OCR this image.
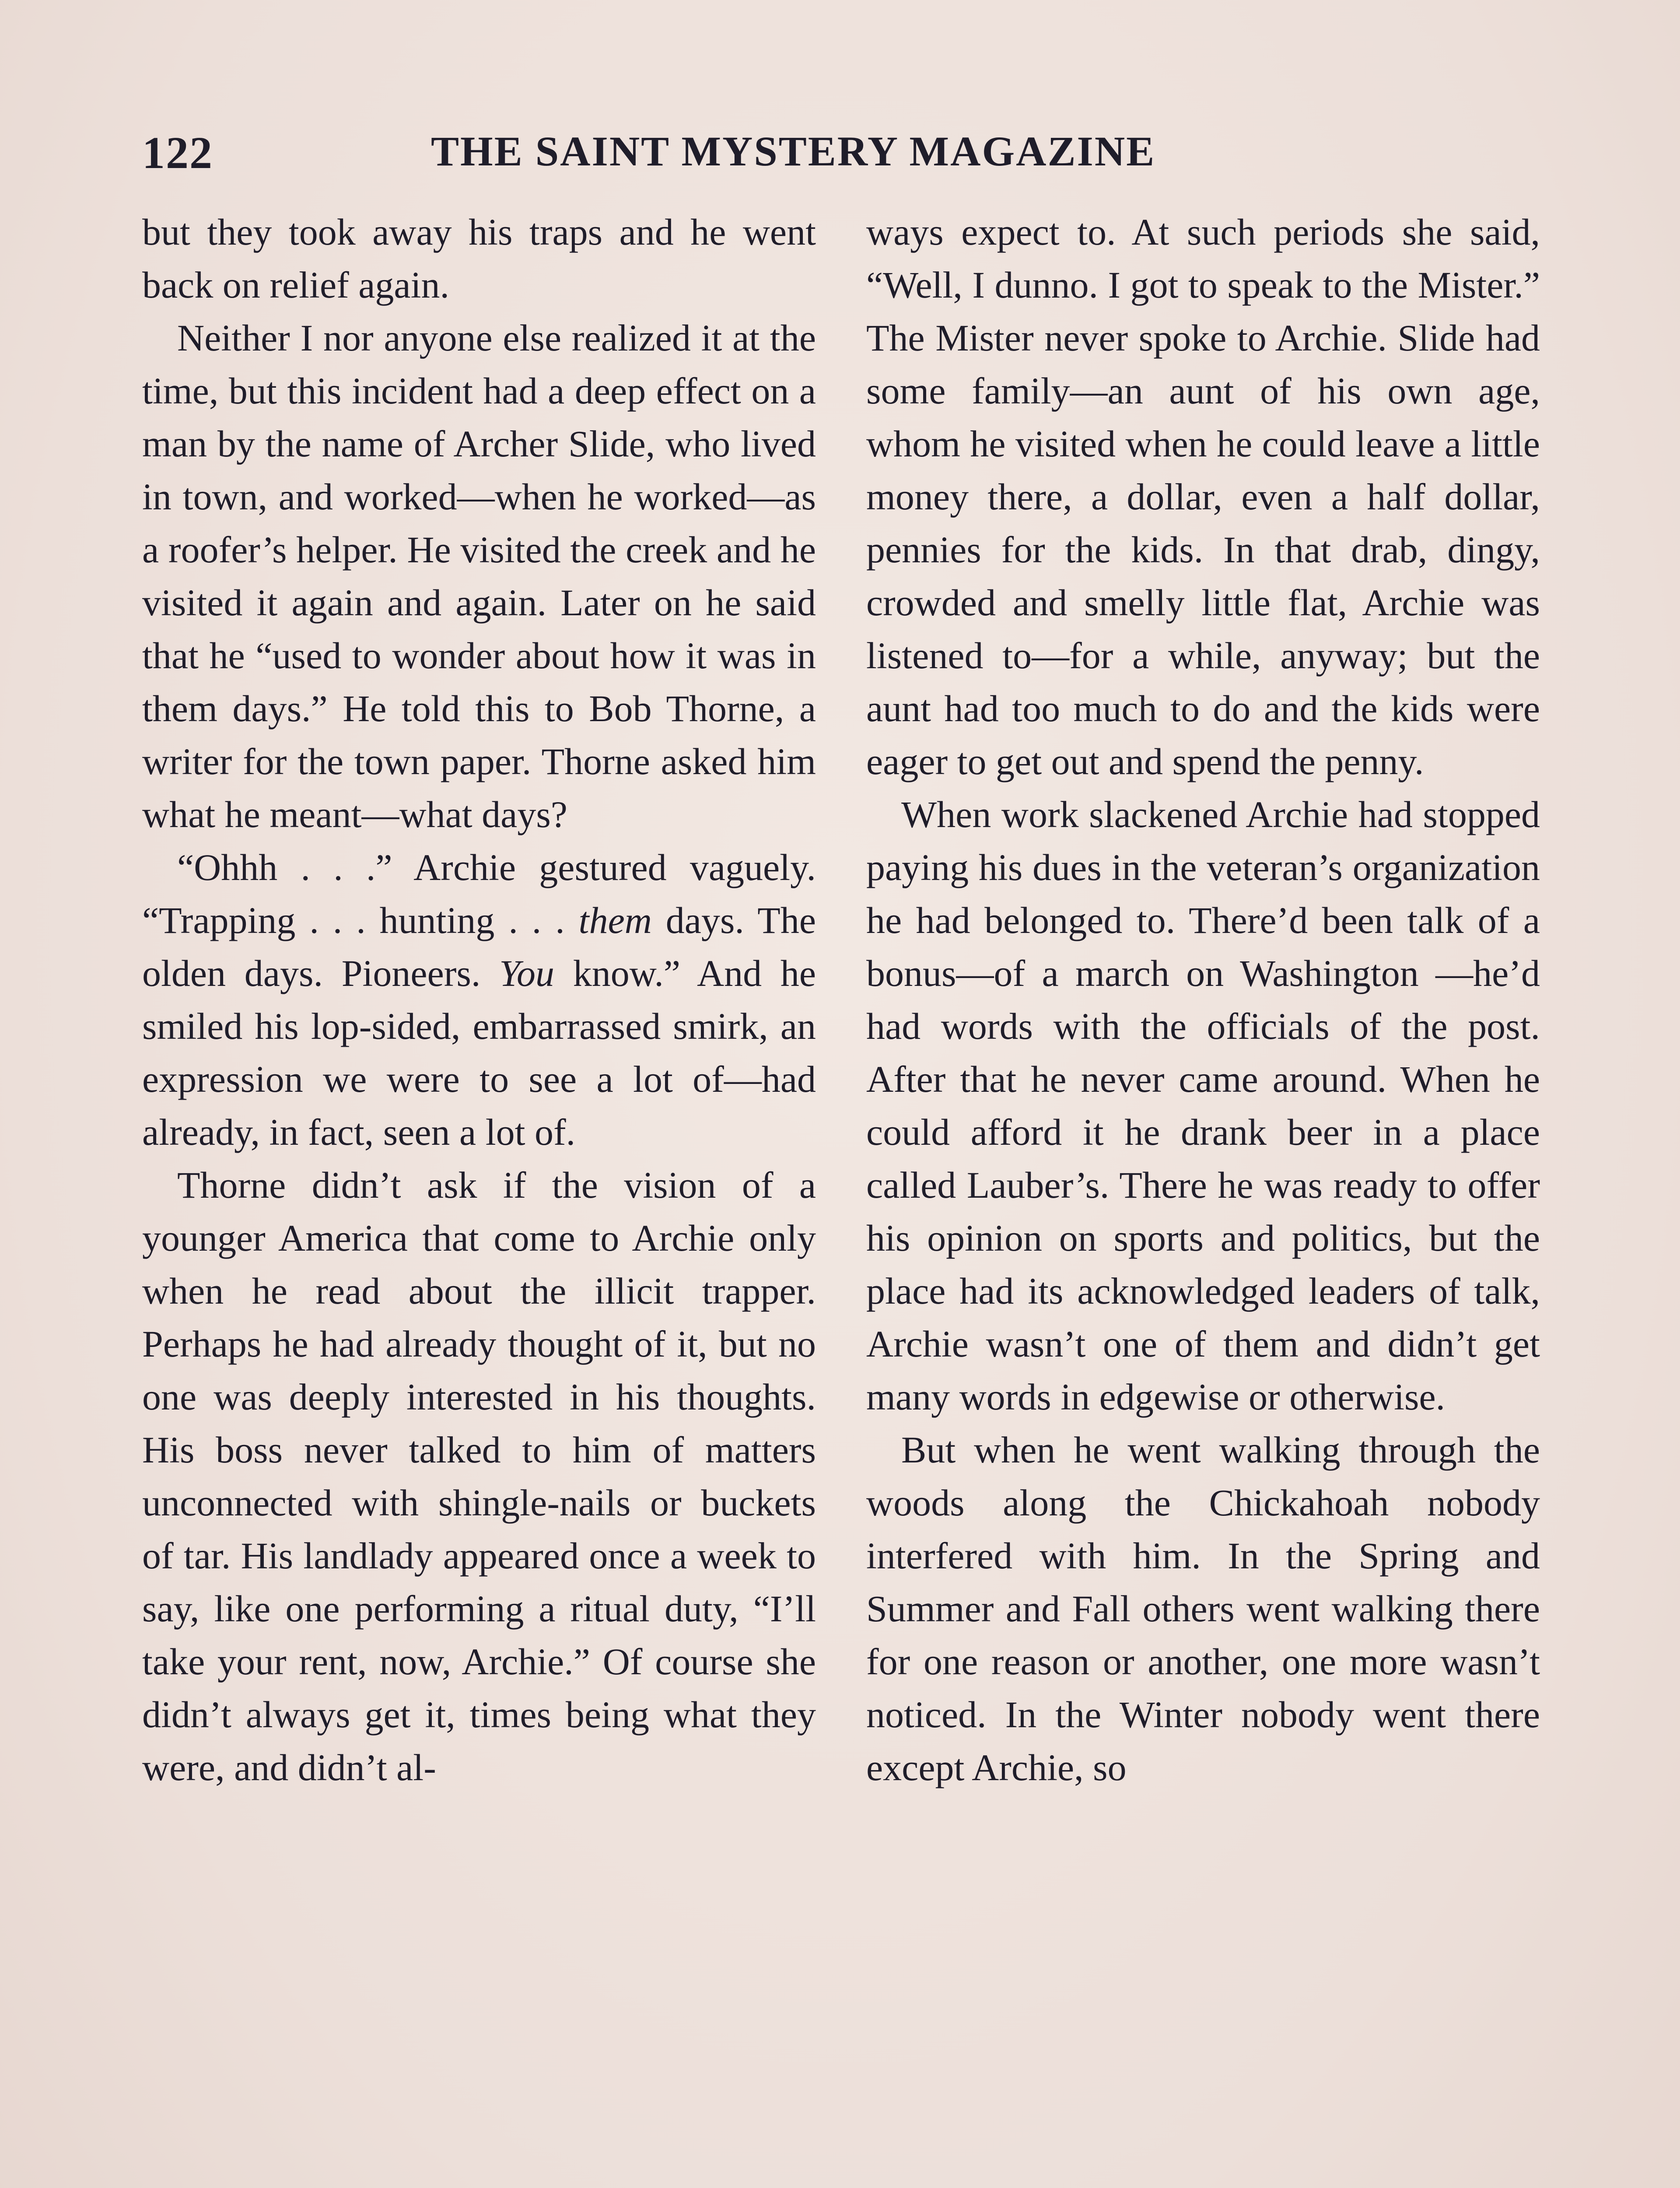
122	THE SAINT MYSTERY MAGAZINE

but they took away his traps and he went back on relief again.

Neither I nor anyone else realized it at the time, but this incident had a deep effect on a man by the name of Archer Slide, who lived in town, and worked—when he worked—as a roofer’s helper. He visited the creek and he visited it again and again. Later on he said that he “used to wonder about how it was in them days.” He told this to Bob Thorne, a writer for the town paper. Thorne asked him what he meant—what days?

“Ohhh . . .” Archie gestured vaguely. “Trapping . . . hunting . . . them days. The olden days. Pioneers. You know.” And he smiled his lop-sided, embarrassed smirk, an expression we were to see a lot of—had already, in fact, seen a lot of.

Thorne didn’t ask if the vision of a younger America that come to Archie only when he read about the illicit trapper. Perhaps he had already thought of it, but no one was deeply interested in his thoughts. His boss never talked to him of matters unconnected with shingle-nails or buckets of tar. His landlady appeared once a week to say, like one performing a ritual duty, “I’ll take your rent, now, Archie.” Of course she didn’t always get it, times being what they were, and didn’t al-

ways expect to. At such periods she said, “Well, I dunno. I got to speak to the Mister.” The Mister never spoke to Archie. Slide had some family—an aunt of his own age, whom he visited when he could leave a little money there, a dollar, even a half dollar, pennies for the kids. In that drab, dingy, crowded and smelly little flat, Archie was listened to—for a while, anyway; but the aunt had too much to do and the kids were eager to get out and spend the penny.

When work slackened Archie had stopped paying his dues in the veteran’s organization he had belonged to. There’d been talk of a bonus—of a march on Washington —he’d had words with the officials of the post. After that he never came around. When he could afford it he drank beer in a place called Lauber’s. There he was ready to offer his opinion on sports and politics, but the place had its acknowledged leaders of talk, Archie wasn’t one of them and didn’t get many words in edgewise or otherwise.

But when he went walking through the woods along the Chickahoah nobody interfered with him. In the Spring and Summer and Fall others went walking there for one reason or another, one more wasn’t noticed. In the Winter nobody went there except Archie, so
